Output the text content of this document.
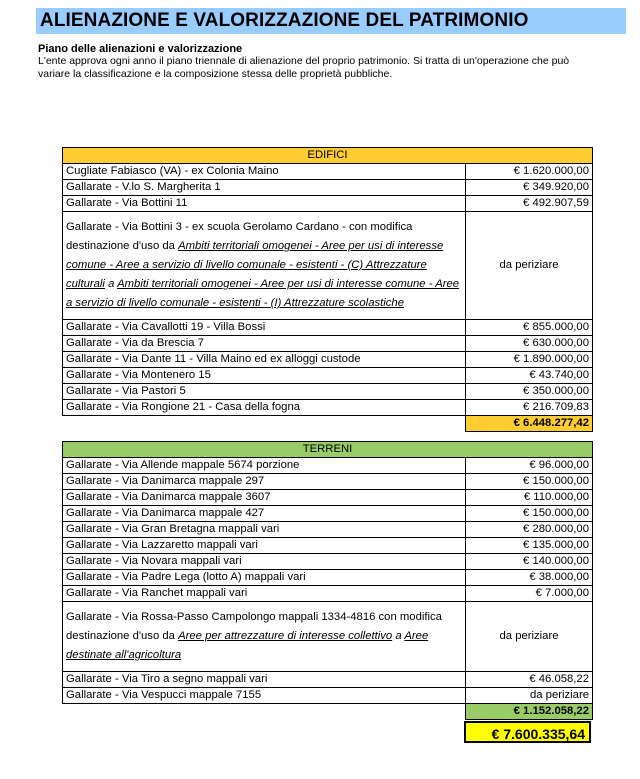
ALIENAZIONE E VALORIZZAZIONE DEL PATRIMONIO
Piano delle alienazioni e valorizzazione
L'ente approva ogni anno il piano triennale di alienazione del proprio patrimonio. Si tratta di un'operazione che può variare la classificazione e la composizione stessa delle proprietà pubbliche.
EDIFICI	
Cugliate Fabiasco (VA) - ex Colonia Maino	€ 1.620.000,00
Gallarate - V.lo S. Margherita 1	€ 349.920,00
Gallarate - Via Bottini 11	€ 492.907,59
Gallarate - Via Bottini 3 - ex scuola Gerolamo Cardano - con modifica destinazione d'uso da Ambiti territoriali omogenei - Aree per usi di interesse comune - Aree a servizio di livello comunale - esistenti - (C) Attrezzature culturali a Ambiti territoriali omogenei - Aree per usi di interesse comune - Aree a servizio di livello comunale - esistenti - (I) Attrezzature scolastiche	da periziare
Gallarate - Via Cavallotti 19 - Villa Bossi	€ 855.000,00
Gallarate - Via da Brescia 7	€ 630.000,00
Gallarate - Via Dante 11 - Villa Maino ed ex alloggi custode	€ 1.890.000,00
Gallarate - Via Montenero 15	€ 43.740,00
Gallarate - Via Pastori 5	€ 350.000,00
Gallarate - Via Rongione 21 - Casa della fogna	€ 216.709,83
	€ 6.448.277,42
TERRENI	
Gallarate - Via Allende mappale 5674 porzione	€ 96.000,00
Gallarate - Via Danimarca mappale 297	€ 150.000,00
Gallarate - Via Danimarca mappale 3607	€ 110.000,00
Gallarate - Via Danimarca mappale 427	€ 150.000,00
Gallarate - Via Gran Bretagna mappali vari	€ 280.000,00
Gallarate - Via Lazzaretto mappali vari	€ 135.000,00
Gallarate - Via Novara mappali vari	€ 140.000,00
Gallarate - Via Padre Lega (lotto A) mappali vari	€ 38.000,00
Gallarate - Via Ranchet mappali vari	€ 7.000,00
Gallarate - Via Rossa-Passo Campolongo mappali 1334-4816 con modifica destinazione d'uso da Aree per attrezzature di interesse collettivo a Aree destinate all'agricoltura	da periziare
Gallarate - Via Tiro a segno mappali vari	€ 46.058,22
Gallarate - Via Vespucci mappale 7155	da periziare
	€ 1.152.058,22
€ 7.600.335,64
